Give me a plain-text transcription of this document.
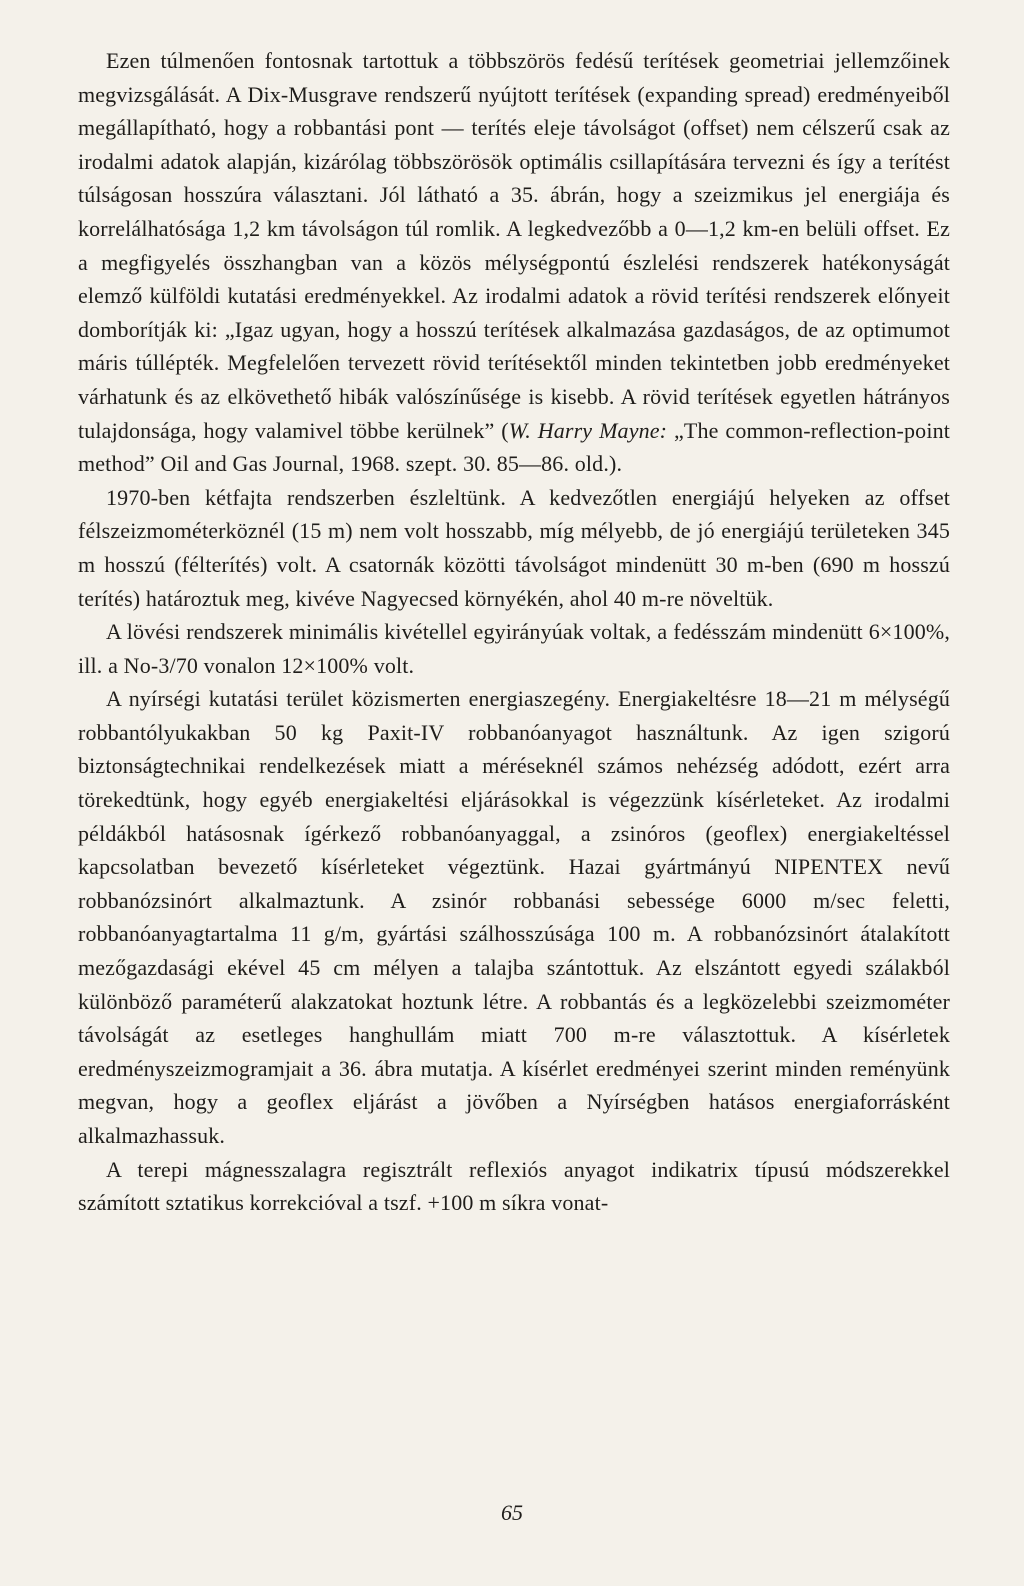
Ezen túlmenően fontosnak tartottuk a többszörös fedésű terítések geometriai jellemzőinek megvizsgálását. A Dix-Musgrave rendszerű nyújtott terítések (expanding spread) eredményeiből megállapítható, hogy a robbantási pont — terítés eleje távolságot (offset) nem célszerű csak az irodalmi adatok alapján, kizárólag többszörösök optimális csillapítására tervezni és így a terítést túlságosan hosszúra választani. Jól látható a 35. ábrán, hogy a szeizmikus jel energiája és korrelálhatósága 1,2 km távolságon túl romlik. A legkedvezőbb a 0—1,2 km-en belüli offset. Ez a megfigyelés összhangban van a közös mélységpontú észlelési rendszerek hatékonyságát elemző külföldi kutatási eredményekkel. Az irodalmi adatok a rövid terítési rendszerek előnyeit domborítják ki: „Igaz ugyan, hogy a hosszú terítések alkalmazása gazdaságos, de az optimumot máris túllépték. Megfelelően tervezett rövid terítésektől minden tekintetben jobb eredményeket várhatunk és az elkövethető hibák valószínűsége is kisebb. A rövid terítések egyetlen hátrányos tulajdonsága, hogy valamivel többe kerülnek” (W. Harry Mayne: „The common-reflection-point method” Oil and Gas Journal, 1968. szept. 30. 85—86. old.).

1970-ben kétfajta rendszerben észleltünk. A kedvezőtlen energiájú helyeken az offset félszeizmométerköznél (15 m) nem volt hosszabb, míg mélyebb, de jó energiájú területeken 345 m hosszú (félterítés) volt. A csatornák közötti távolságot mindenütt 30 m-ben (690 m hosszú terítés) határoztuk meg, kivéve Nagyecsed környékén, ahol 40 m-re növeltük.

A lövési rendszerek minimális kivétellel egyirányúak voltak, a fedésszám mindenütt 6×100%, ill. a No-3/70 vonalon 12×100% volt.

A nyírségi kutatási terület közismerten energiaszegény. Energiakeltésre 18—21 m mélységű robbantólyukakban 50 kg Paxit-IV robbanóanyagot használtunk. Az igen szigorú biztonságtechnikai rendelkezések miatt a méréseknél számos nehézség adódott, ezért arra törekedtünk, hogy egyéb energiakeltési eljárásokkal is végezzünk kísérleteket. Az irodalmi példákból hatásosnak ígérkező robbanóanyaggal, a zsinóros (geoflex) energiakeltéssel kapcsolatban bevezető kísérleteket végeztünk. Hazai gyártmányú NIPENTEX nevű robbanózsinórt alkalmaztunk. A zsinór robbanási sebessége 6000 m/sec feletti, robbanóanyagtartalma 11 g/m, gyártási szálhosszúsága 100 m. A robbanózsinórt átalakított mezőgazdasági ekével 45 cm mélyen a talajba szántottuk. Az elszántott egyedi szálakból különböző paraméterű alakzatokat hoztunk létre. A robbantás és a legközelebbi szeizmométer távolságát az esetleges hanghullám miatt 700 m-re választottuk. A kísérletek eredményszeizmogramjait a 36. ábra mutatja. A kísérlet eredményei szerint minden reményünk megvan, hogy a geoflex eljárást a jövőben a Nyírségben hatásos energiaforrásként alkalmazhassuk.

A terepi mágnesszalagra regisztrált reflexiós anyagot indikatrix típusú módszerekkel számított sztatikus korrekcióval a tszf. +100 m síkra vonat-

65
